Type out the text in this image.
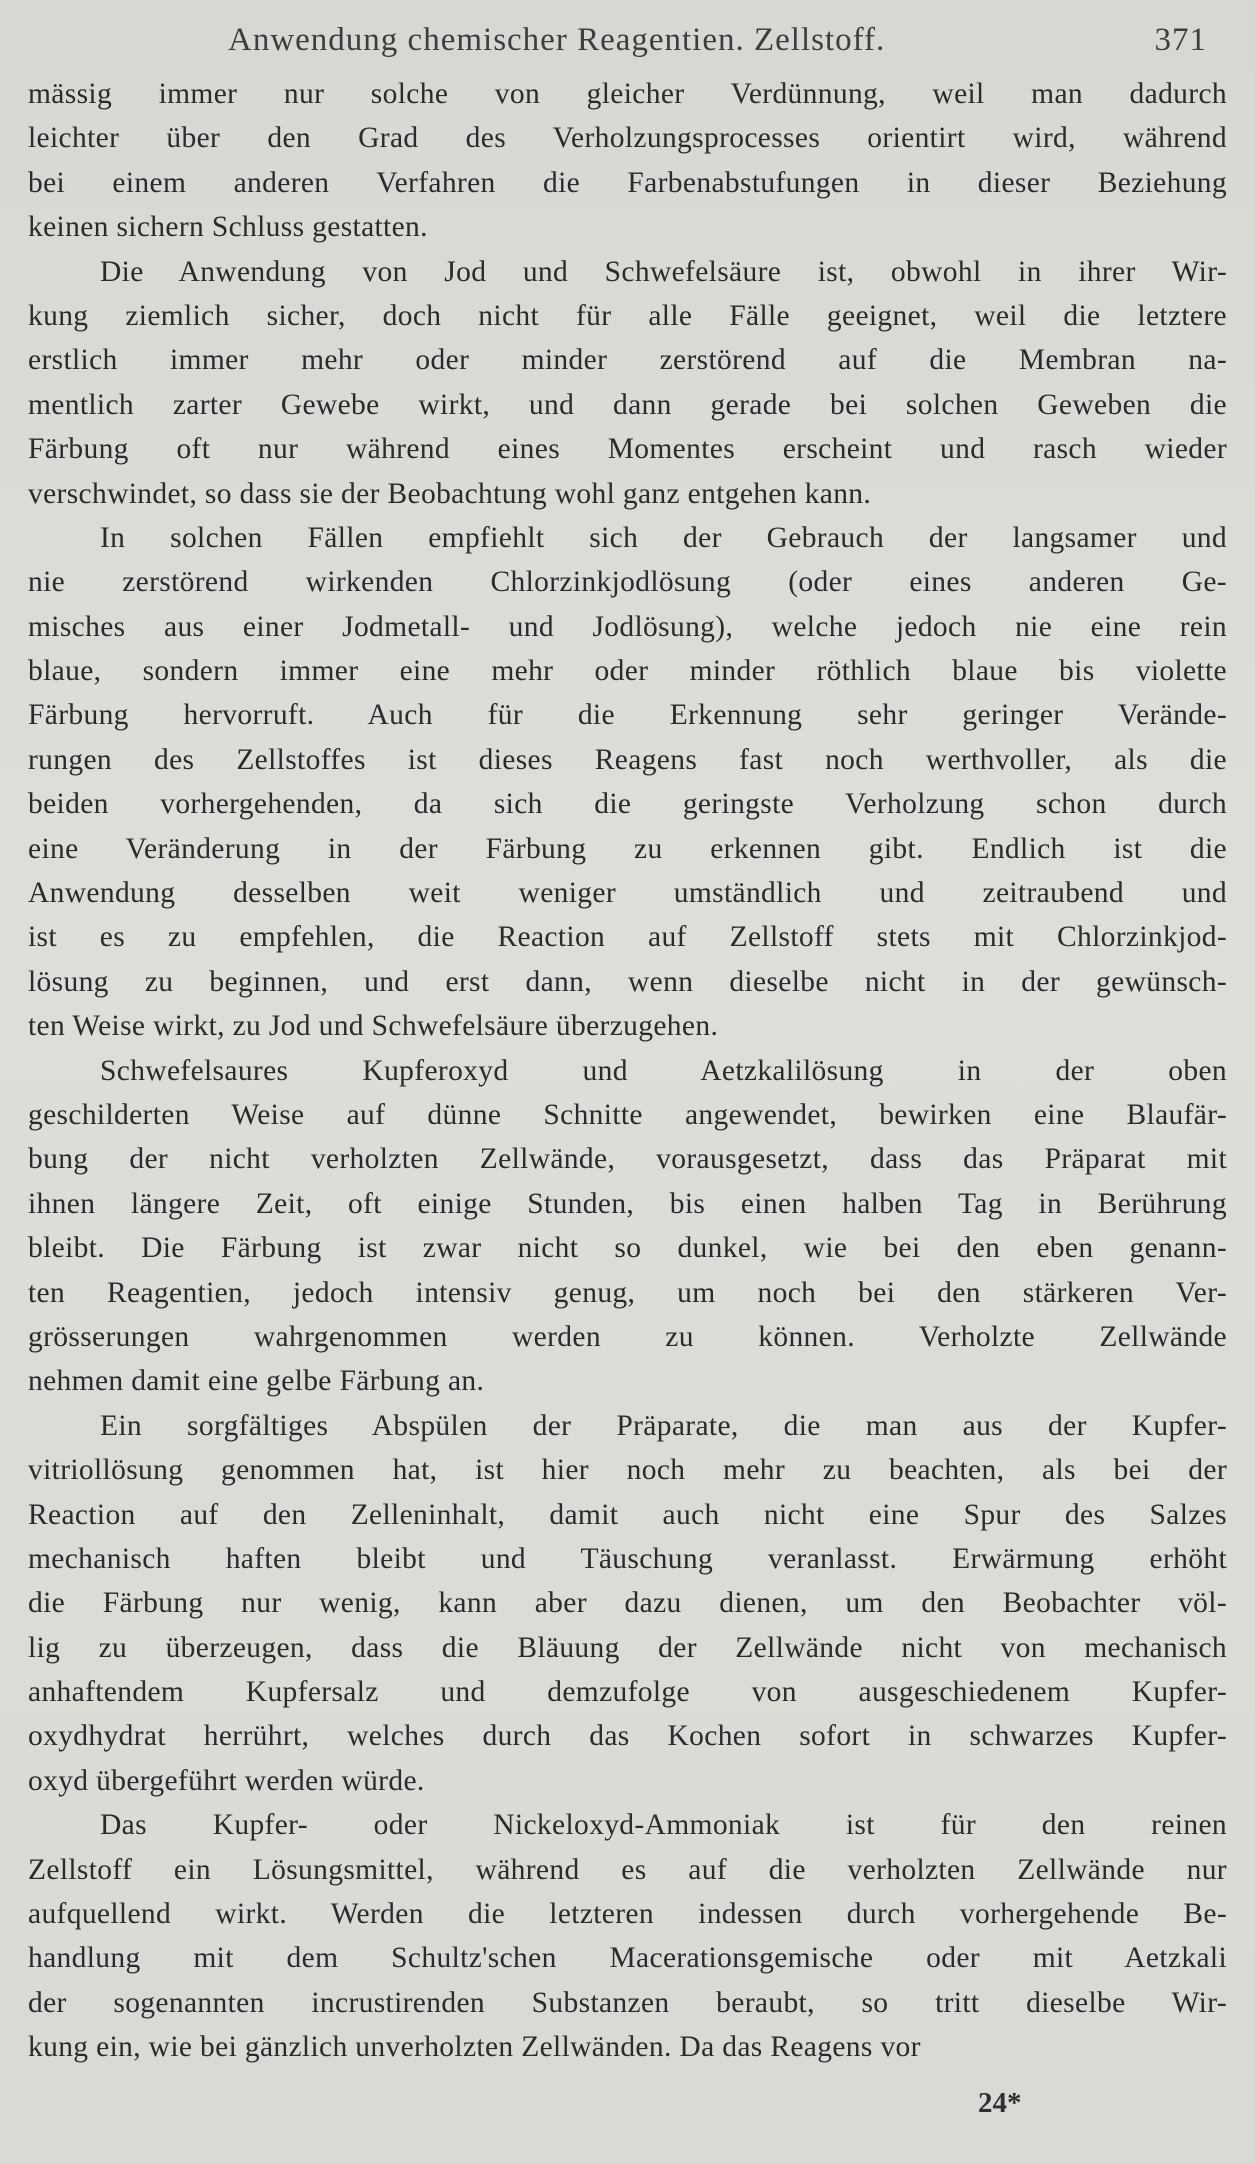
Anwendung chemischer Reagentien. Zellstoff.	371
mässig immer nur solche von gleicher Verdünnung, weil man dadurch
leichter über den Grad des Verholzungsprocesses orientirt wird, während
bei einem anderen Verfahren die Farbenabstufungen in dieser Beziehung
keinen sichern Schluss gestatten.
Die Anwendung von Jod und Schwefelsäure ist, obwohl in ihrer Wir-
kung ziemlich sicher, doch nicht für alle Fälle geeignet, weil die letztere
erstlich immer mehr oder minder zerstörend auf die Membran na-
mentlich zarter Gewebe wirkt, und dann gerade bei solchen Geweben die
Färbung oft nur während eines Momentes erscheint und rasch wieder
verschwindet, so dass sie der Beobachtung wohl ganz entgehen kann.
In solchen Fällen empfiehlt sich der Gebrauch der langsamer und
nie zerstörend wirkenden Chlorzinkjodlösung (oder eines anderen Ge-
misches aus einer Jodmetall- und Jodlösung), welche jedoch nie eine rein
blaue, sondern immer eine mehr oder minder röthlich blaue bis violette
Färbung hervorruft. Auch für die Erkennung sehr geringer Verände-
rungen des Zellstoffes ist dieses Reagens fast noch werthvoller, als die
beiden vorhergehenden, da sich die geringste Verholzung schon durch
eine Veränderung in der Färbung zu erkennen gibt. Endlich ist die
Anwendung desselben weit weniger umständlich und zeitraubend und
ist es zu empfehlen, die Reaction auf Zellstoff stets mit Chlorzinkjod-
lösung zu beginnen, und erst dann, wenn dieselbe nicht in der gewünsch-
ten Weise wirkt, zu Jod und Schwefelsäure überzugehen.
Schwefelsaures Kupferoxyd und Aetzkalilösung in der oben
geschilderten Weise auf dünne Schnitte angewendet, bewirken eine Blaufär-
bung der nicht verholzten Zellwände, vorausgesetzt, dass das Präparat mit
ihnen längere Zeit, oft einige Stunden, bis einen halben Tag in Berührung
bleibt. Die Färbung ist zwar nicht so dunkel, wie bei den eben genann-
ten Reagentien, jedoch intensiv genug, um noch bei den stärkeren Ver-
grösserungen wahrgenommen werden zu können. Verholzte Zellwände
nehmen damit eine gelbe Färbung an.
Ein sorgfältiges Abspülen der Präparate, die man aus der Kupfer-
vitriollösung genommen hat, ist hier noch mehr zu beachten, als bei der
Reaction auf den Zelleninhalt, damit auch nicht eine Spur des Salzes
mechanisch haften bleibt und Täuschung veranlasst. Erwärmung erhöht
die Färbung nur wenig, kann aber dazu dienen, um den Beobachter völ-
lig zu überzeugen, dass die Bläuung der Zellwände nicht von mechanisch
anhaftendem Kupfersalz und demzufolge von ausgeschiedenem Kupfer-
oxydhydrat herrührt, welches durch das Kochen sofort in schwarzes Kupfer-
oxyd übergeführt werden würde.
Das Kupfer- oder Nickeloxyd-Ammoniak ist für den reinen
Zellstoff ein Lösungsmittel, während es auf die verholzten Zellwände nur
aufquellend wirkt. Werden die letzteren indessen durch vorhergehende Be-
handlung mit dem Schultz'schen Macerationsgemische oder mit Aetzkali
der sogenannten incrustirenden Substanzen beraubt, so tritt dieselbe Wir-
kung ein, wie bei gänzlich unverholzten Zellwänden. Da das Reagens vor
24*
